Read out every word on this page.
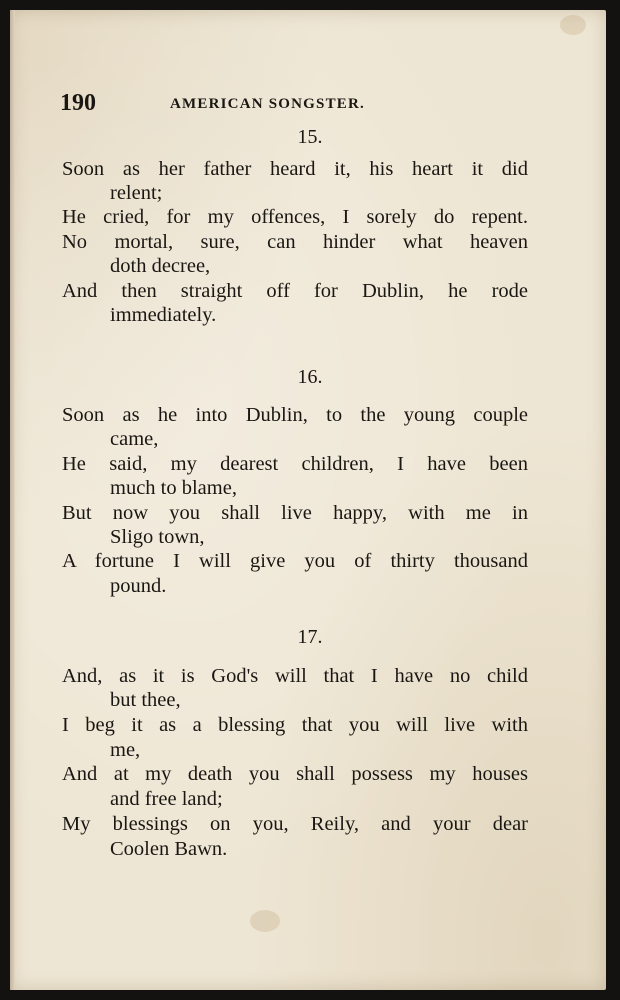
190	AMERICAN SONGSTER.
15.
Soon as her father heard it, his heart it did
relent;
He cried, for my offences, I sorely do repent.
No mortal, sure, can hinder what heaven
doth decree,
And then straight off for Dublin, he rode
immediately.
16.
Soon as he into Dublin, to the young couple
came,
He said, my dearest children, I have been
much to blame,
But now you shall live happy, with me in
Sligo town,
A fortune I will give you of thirty thousand
pound.
17.
And, as it is God's will that I have no child
but thee,
I beg it as a blessing that you will live with
me,
And at my death you shall possess my houses
and free land;
My blessings on you, Reily, and your dear
Coolen Bawn.
